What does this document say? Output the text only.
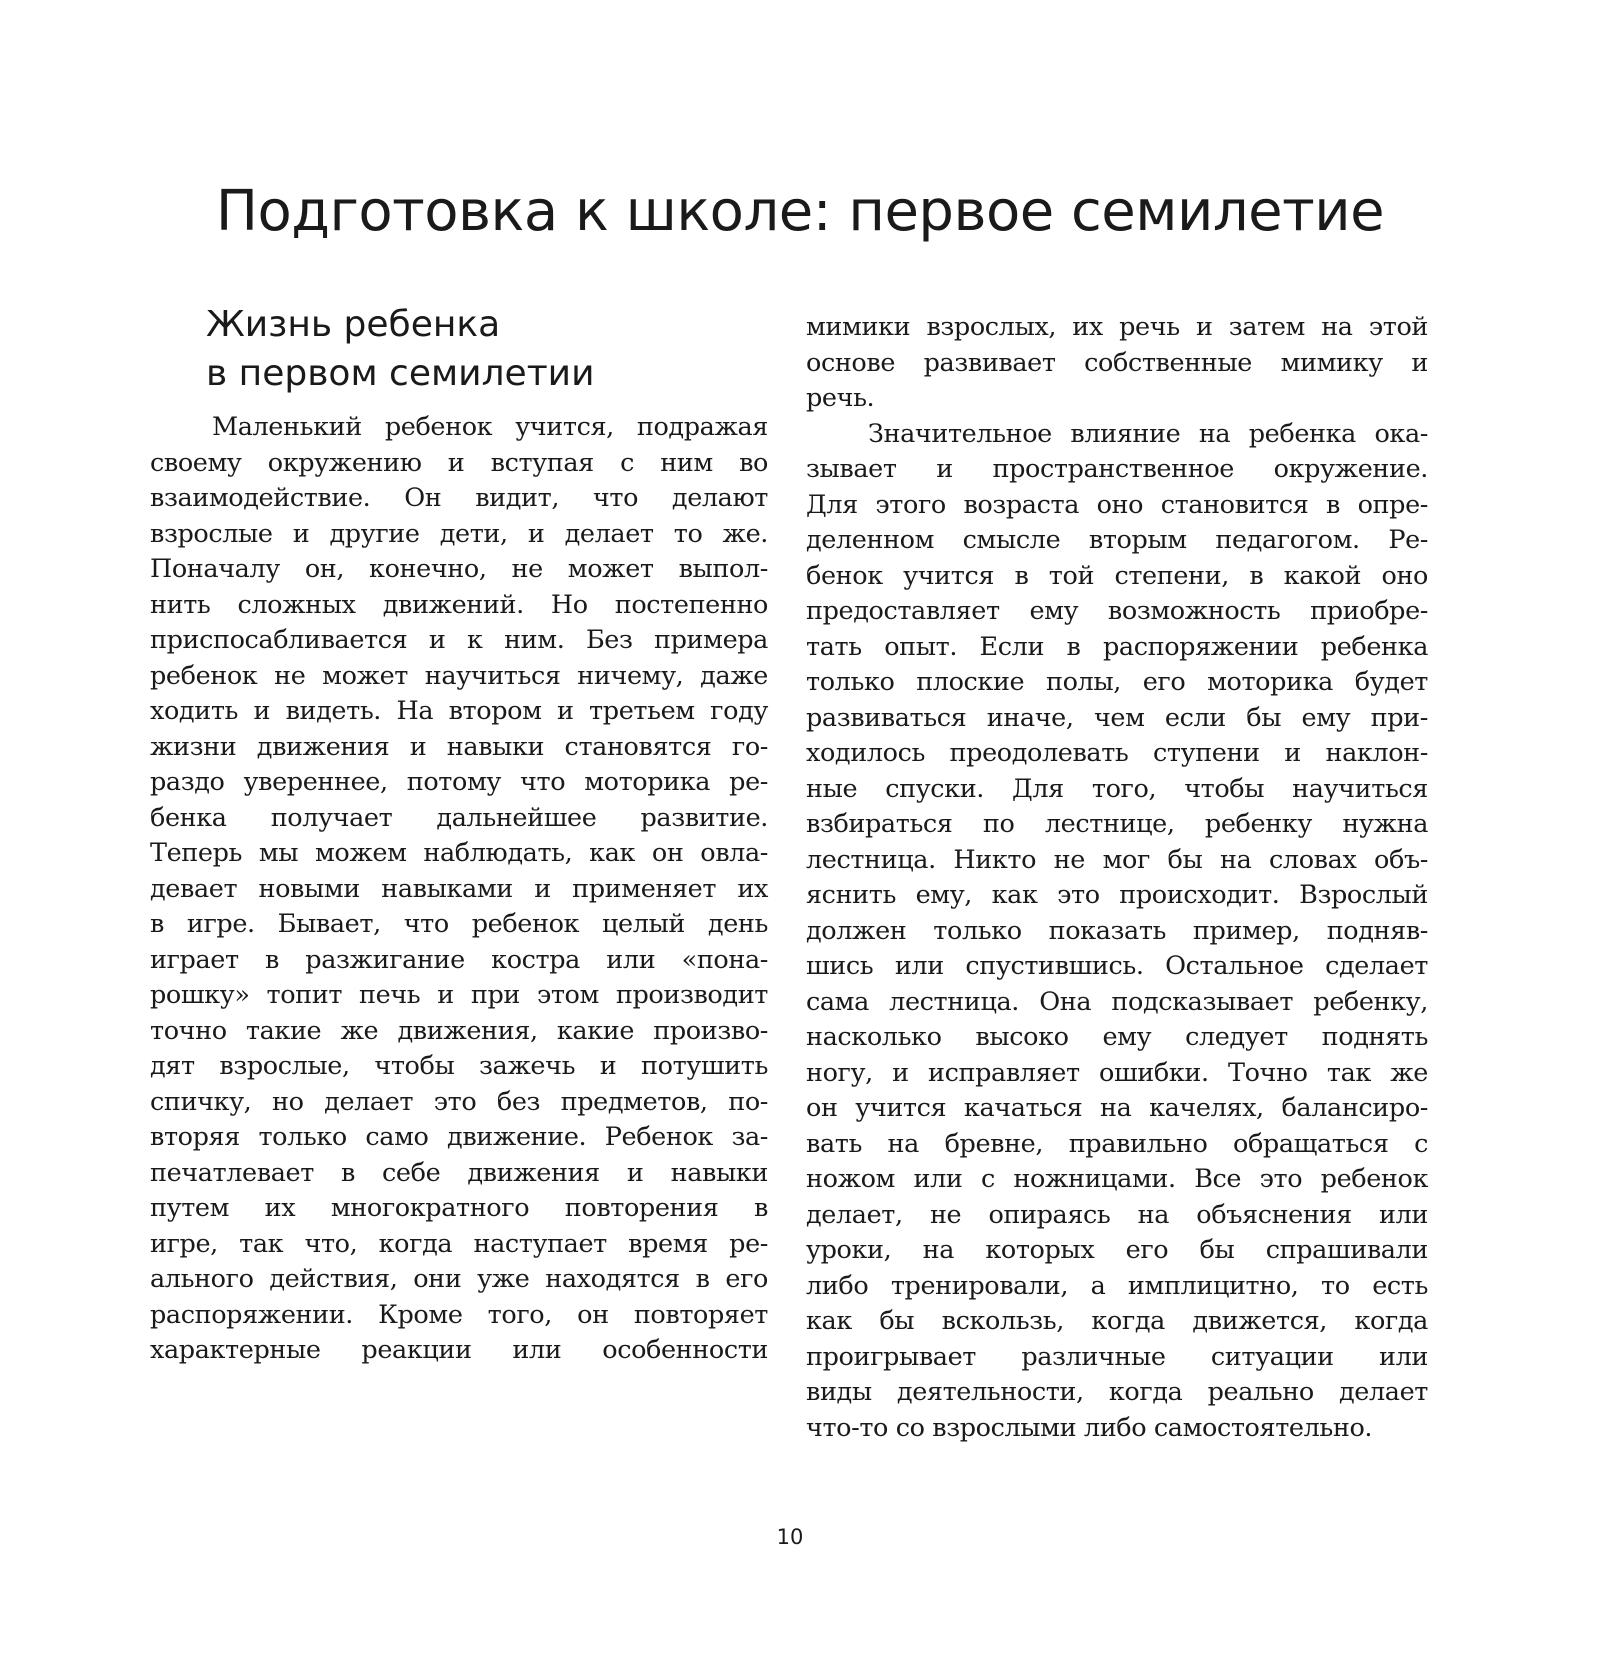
Подготовка к школе: первое семилетие
Жизнь ребенка
в первом семилетии
Маленький ребенок учится, подражая
своему окружению и вступая с ним во
взаимодействие. Он видит, что делают
взрослые и другие дети, и делает то же.
Поначалу он, конечно, не может выпол-
нить сложных движений. Но постепенно
приспосабливается и к ним. Без примера
ребенок не может научиться ничему, даже
ходить и видеть. На втором и третьем году
жизни движения и навыки становятся го-
раздо увереннее, потому что моторика ре-
бенка получает дальнейшее развитие.
Теперь мы можем наблюдать, как он овла-
девает новыми навыками и применяет их
в игре. Бывает, что ребенок целый день
играет в разжигание костра или «пона-
рошку» топит печь и при этом производит
точно такие же движения, какие произво-
дят взрослые, чтобы зажечь и потушить
спичку, но делает это без предметов, по-
вторяя только само движение. Ребенок за-
печатлевает в себе движения и навыки
путем их многократного повторения в
игре, так что, когда наступает время ре-
ального действия, они уже находятся в его
распоряжении. Кроме того, он повторяет
характерные реакции или особенности
мимики взрослых, их речь и затем на этой
основе развивает собственные мимику и
речь.
Значительное влияние на ребенка ока-
зывает и пространственное окружение.
Для этого возраста оно становится в опре-
деленном смысле вторым педагогом. Ре-
бенок учится в той степени, в какой оно
предоставляет ему возможность приобре-
тать опыт. Если в распоряжении ребенка
только плоские полы, его моторика будет
развиваться иначе, чем если бы ему при-
ходилось преодолевать ступени и наклон-
ные спуски. Для того, чтобы научиться
взбираться по лестнице, ребенку нужна
лестница. Никто не мог бы на словах объ-
яснить ему, как это происходит. Взрослый
должен только показать пример, подняв-
шись или спустившись. Остальное сделает
сама лестница. Она подсказывает ребенку,
насколько высоко ему следует поднять
ногу, и исправляет ошибки. Точно так же
он учится качаться на качелях, балансиро-
вать на бревне, правильно обращаться с
ножом или с ножницами. Все это ребенок
делает, не опираясь на объяснения или
уроки, на которых его бы спрашивали
либо тренировали, а имплицитно, то есть
как бы вскользь, когда движется, когда
проигрывает различные ситуации или
виды деятельности, когда реально делает
что-то со взрослыми либо самостоятельно.
10
